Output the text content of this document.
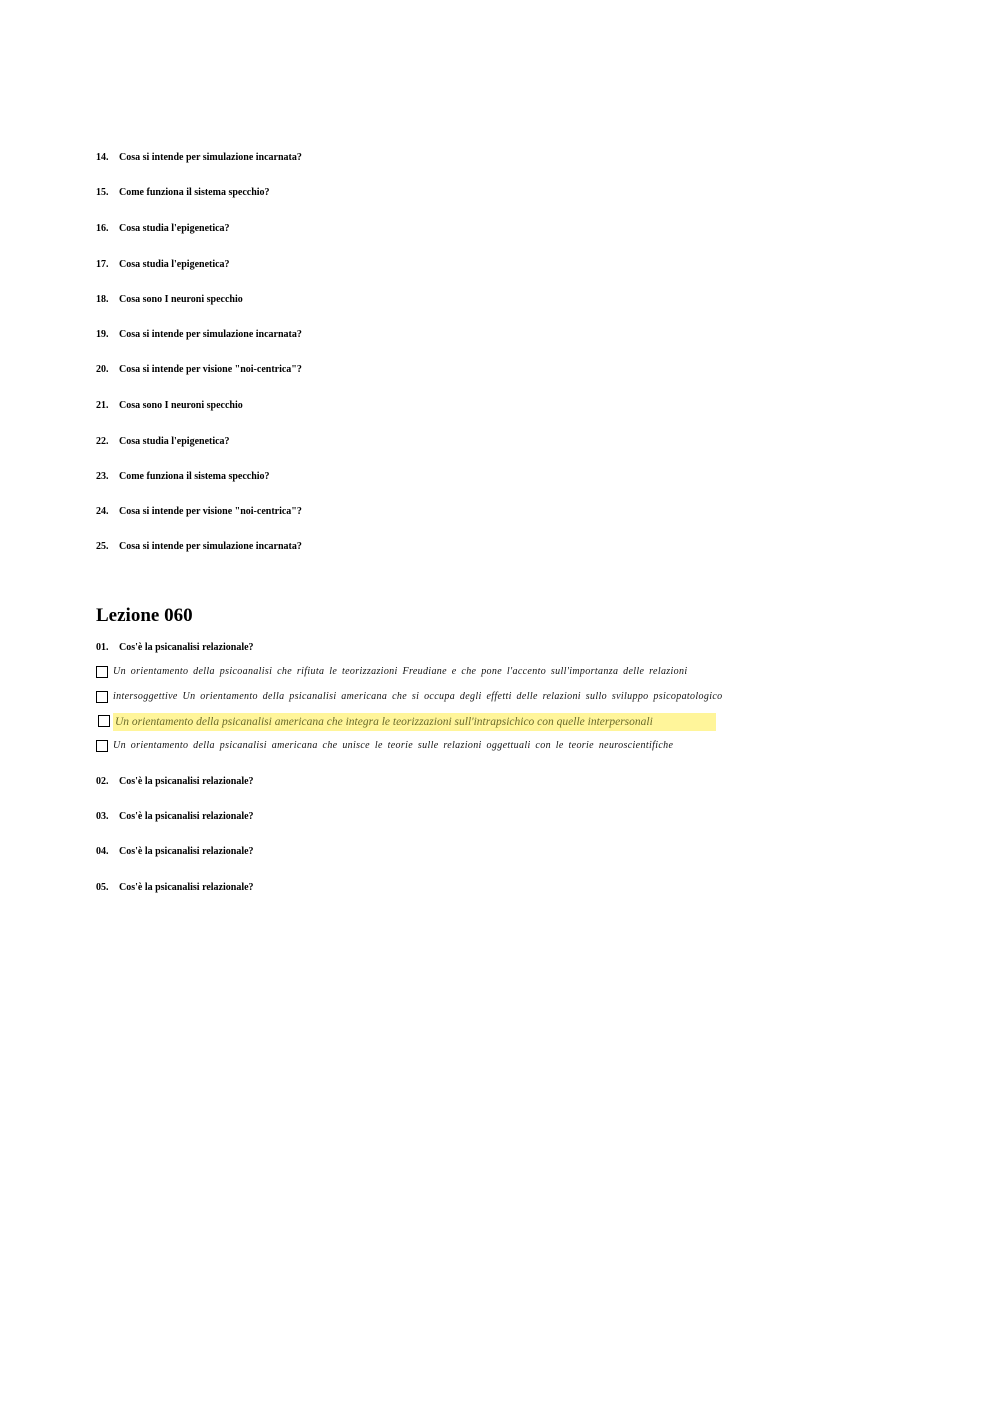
14. Cosa si intende per simulazione incarnata?
15. Come funziona il sistema specchio?
16. Cosa studia l'epigenetica?
17. Cosa studia l'epigenetica?
18. Cosa sono I neuroni specchio
19. Cosa si intende per simulazione incarnata?
20. Cosa si intende per visione "noi-centrica"?
21. Cosa sono I neuroni specchio
22. Cosa studia l'epigenetica?
23. Come funziona il sistema specchio?
24. Cosa si intende per visione "noi-centrica"?
25. Cosa si intende per simulazione incarnata?
Lezione 060
01. Cos'è la psicanalisi relazionale?
Un orientamento della psicoanalisi che rifiuta le teorizzazioni Freudiane e che pone l'accento sull'importanza delle relazioni
intersoggettive Un orientamento della psicanalisi americana che si occupa degli effetti delle relazioni sullo sviluppo psicopatologico
Un orientamento della psicanalisi americana che integra le teorizzazioni sull'intrapsichico con quelle interpersonali
Un orientamento della psicanalisi americana che unisce le teorie sulle relazioni oggettuali con le teorie neuroscientifiche
02. Cos'è la psicanalisi relazionale?
03. Cos'è la psicanalisi relazionale?
04. Cos'è la psicanalisi relazionale?
05. Cos'è la psicanalisi relazionale?
